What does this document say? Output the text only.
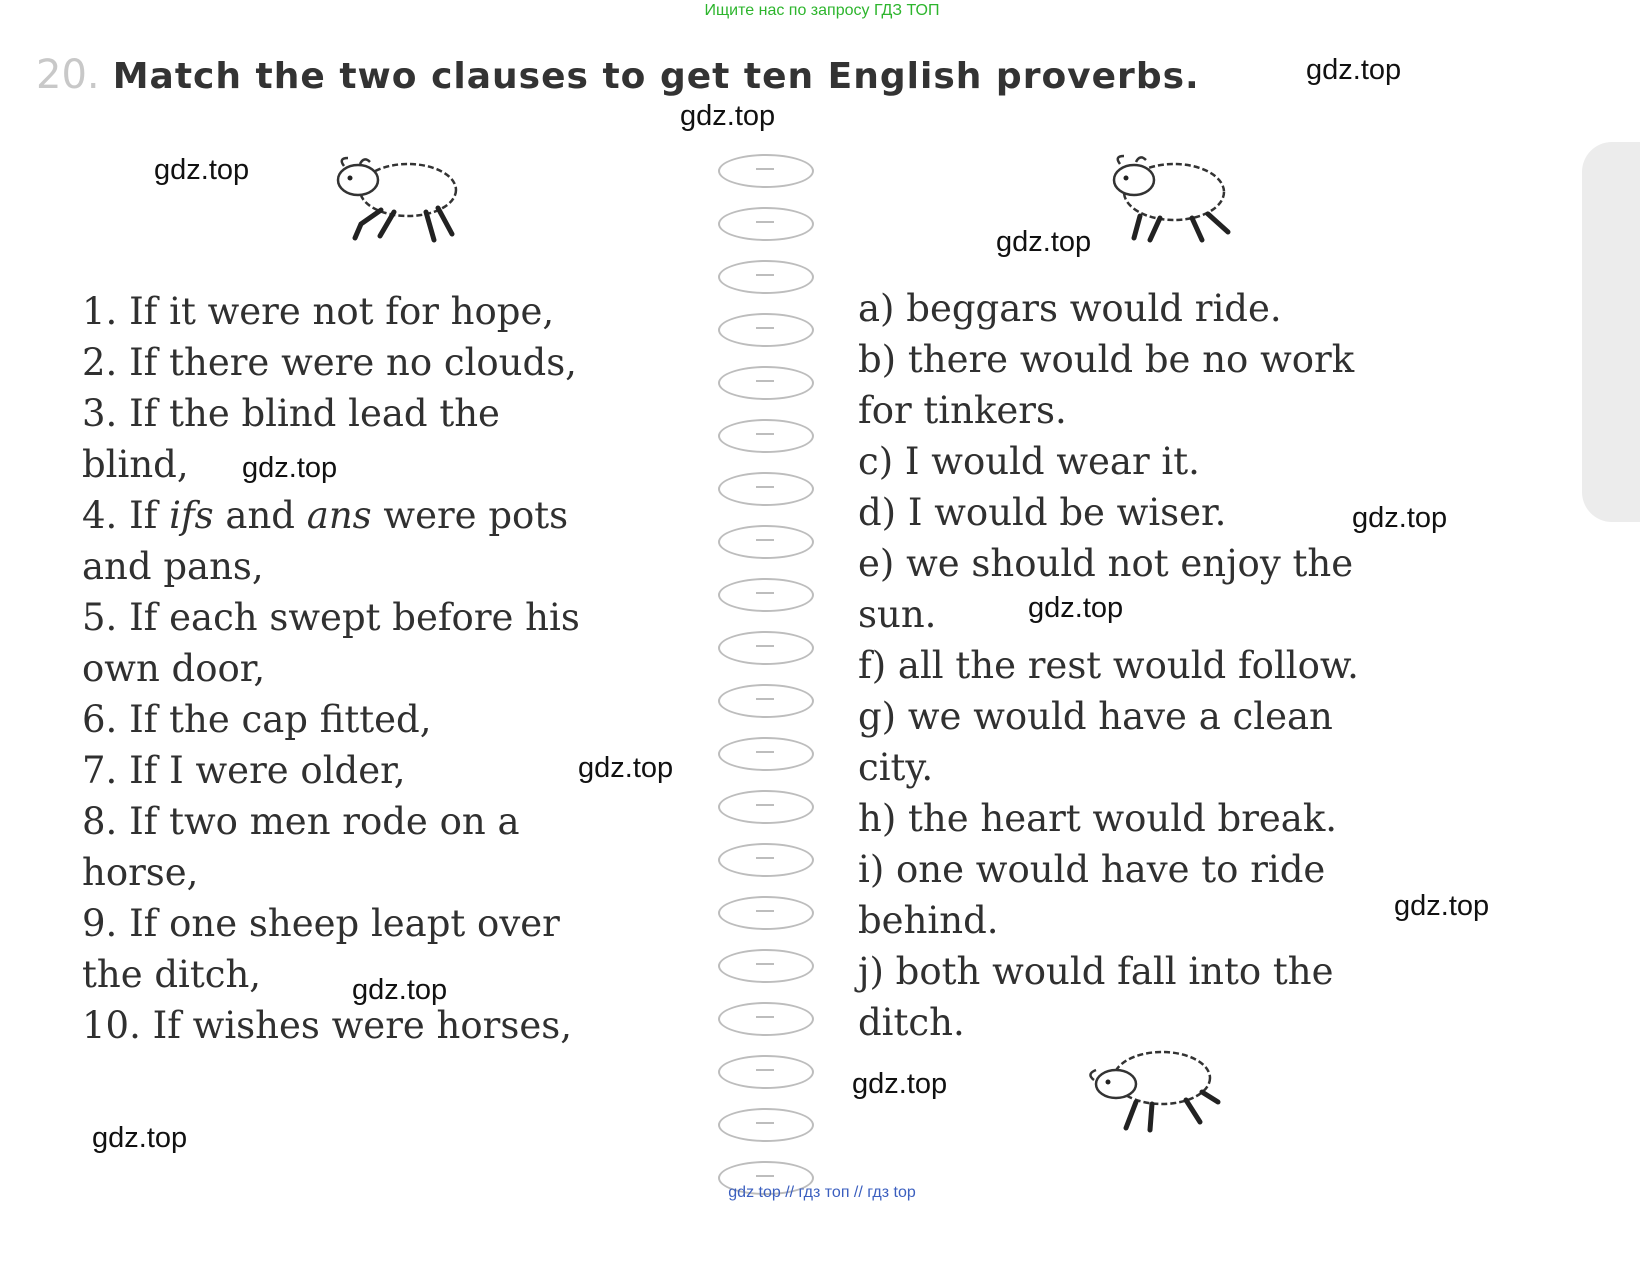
Ищите нас по запросу ГДЗ ТОП
20. Match the two clauses to get ten English proverbs.
1. If it were not for hope,
2. If there were no clouds,
3. If the blind lead the
blind,
4. If ifs and ans were pots
and pans,
5. If each swept before his
own door,
6. If the cap fitted,
7. If I were older,
8. If two men rode on a
horse,
9. If one sheep leapt over
the ditch,
10. If wishes were horses,
a) beggars would ride.
b) there would be no work
for tinkers.
c) I would wear it.
d) I would be wiser.
e) we should not enjoy the
sun.
f) all the rest would follow.
g) we would have a clean
city.
h) the heart would break.
i) one would have to ride
behind.
j) both would fall into the
ditch.
gdz.top
gdz.top
gdz.top
gdz.top
gdz.top
gdz.top
gdz.top
gdz.top
gdz.top
gdz.top
gdz.top
gdz.top
gdz top // гдз топ // гдз top
